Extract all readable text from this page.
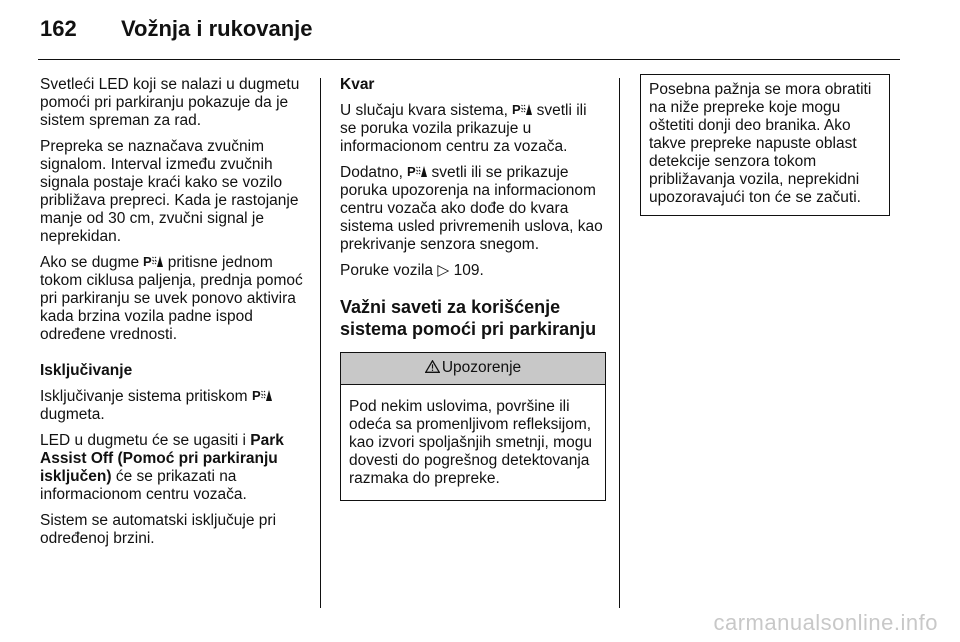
162 Vožnja i rukovanje

Svetleći LED koji se nalazi u dugmetu pomoći pri parkiranju pokazuje da je sistem spreman za rad.

Prepreka se naznačava zvučnim signalom. Interval između zvučnih signala postaje kraći kako se vozilo približava prepreci. Kada je rastojanje manje od 30 cm, zvučni signal je neprekidan.

Ako se dugme P pritisne jednom tokom ciklusa paljenja, prednja pomoć pri parkiranju se uvek ponovo aktivira kada brzina vozila padne ispod određene vrednosti.

Isključivanje

Isključivanje sistema pritiskom P
dugmeta.

LED u dugmetu će se ugasiti i Park Assist Off (Pomoć pri parkiranju isključen) će se prikazati na informacionom centru vozača.

Sistem se automatski isključuje pri određenoj brzini.

Kvar

U slučaju kvara sistema, P svetli ili se poruka vozila prikazuje u informacionom centru za vozača.

Dodatno, P svetli ili se prikazuje poruka upozorenja na informacionom centru vozača ako dođe do kvara sistema usled privremenih uslova, kao prekrivanje senzora snegom.

Poruke vozila ▷ 109.

Važni saveti za korišćenje sistema pomoći pri parkiranju
Upozorenje
Pod nekim uslovima, površine ili odeća sa promenljivom refleksijom, kao izvori spoljašnjih smetnji, mogu dovesti do pogrešnog detektovanja razmaka do prepreke.
Posebna pažnja se mora obratiti na niže prepreke koje mogu oštetiti donji deo branika. Ako takve prepreke napuste oblast detekcije senzora tokom približavanja vozila, neprekidni upozoravajući ton će se začuti.
carmanualsonline.info
